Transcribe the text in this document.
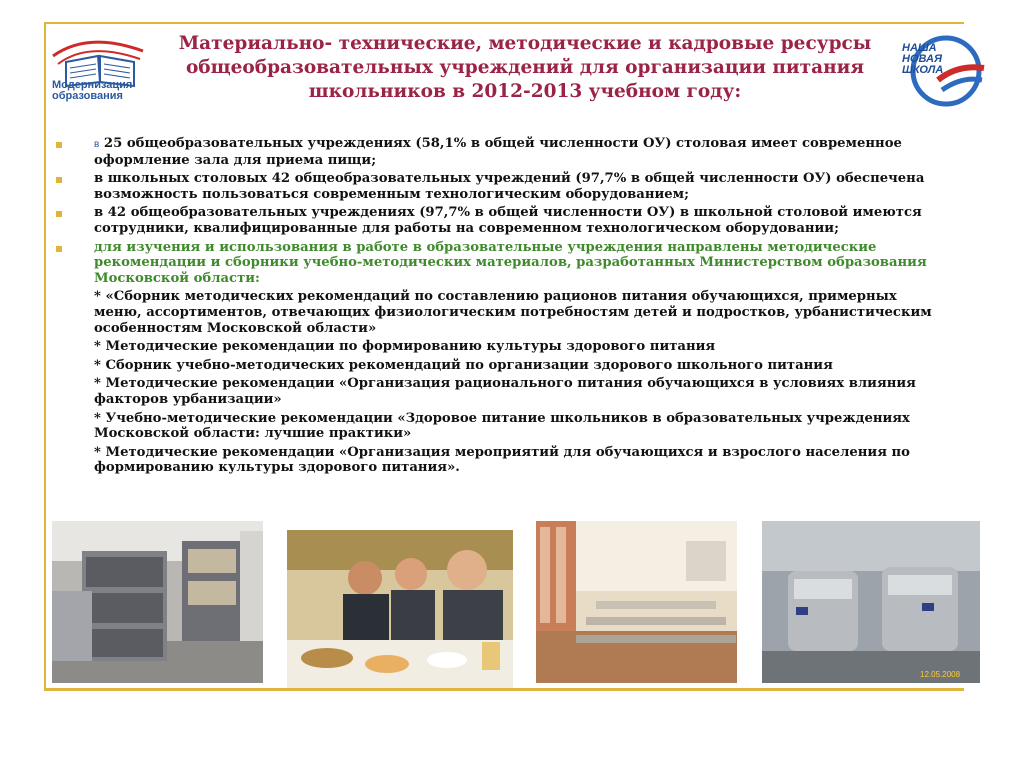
Модернизация
образования
Материально- технические, методические и кадровые ресурсы
общеобразовательных учреждений для организации питания
школьников в 2012-2013 учебном году:
НАША
НОВАЯ
ШКОЛА
в 25 общеобразовательных учреждениях (58,1% в общей численности ОУ) столовая имеет современное оформление зала для приема пищи;
в школьных столовых 42 общеобразовательных учреждений (97,7% в общей численности ОУ) обеспечена возможность пользоваться современным технологическим оборудованием;
в 42 общеобразовательных учреждениях (97,7% в общей численности ОУ) в школьной столовой имеются сотрудники, квалифицированные для работы на современном технологическом оборудовании;
для изучения и использования в работе в образовательные учреждения направлены методические рекомендации и сборники учебно-методических материалов, разработанных Министерством образования Московской области:
* «Сборник методических рекомендаций по составлению рационов питания обучающихся, примерных меню, ассортиментов, отвечающих физиологическим потребностям детей и подростков, урбанистическим особенностям Московской области»
* Методические рекомендации по формированию культуры здорового питания
* Сборник учебно-методических рекомендаций по организации здорового школьного питания
* Методические рекомендации «Организация рационального питания обучающихся в условиях влияния факторов урбанизации»
* Учебно-методические рекомендации «Здоровое питание школьников в образовательных учреждениях Московской области: лучшие практики»
* Методические рекомендации «Организация мероприятий для обучающихся и взрослого населения по формированию культуры здорового питания».
12.05.2008
